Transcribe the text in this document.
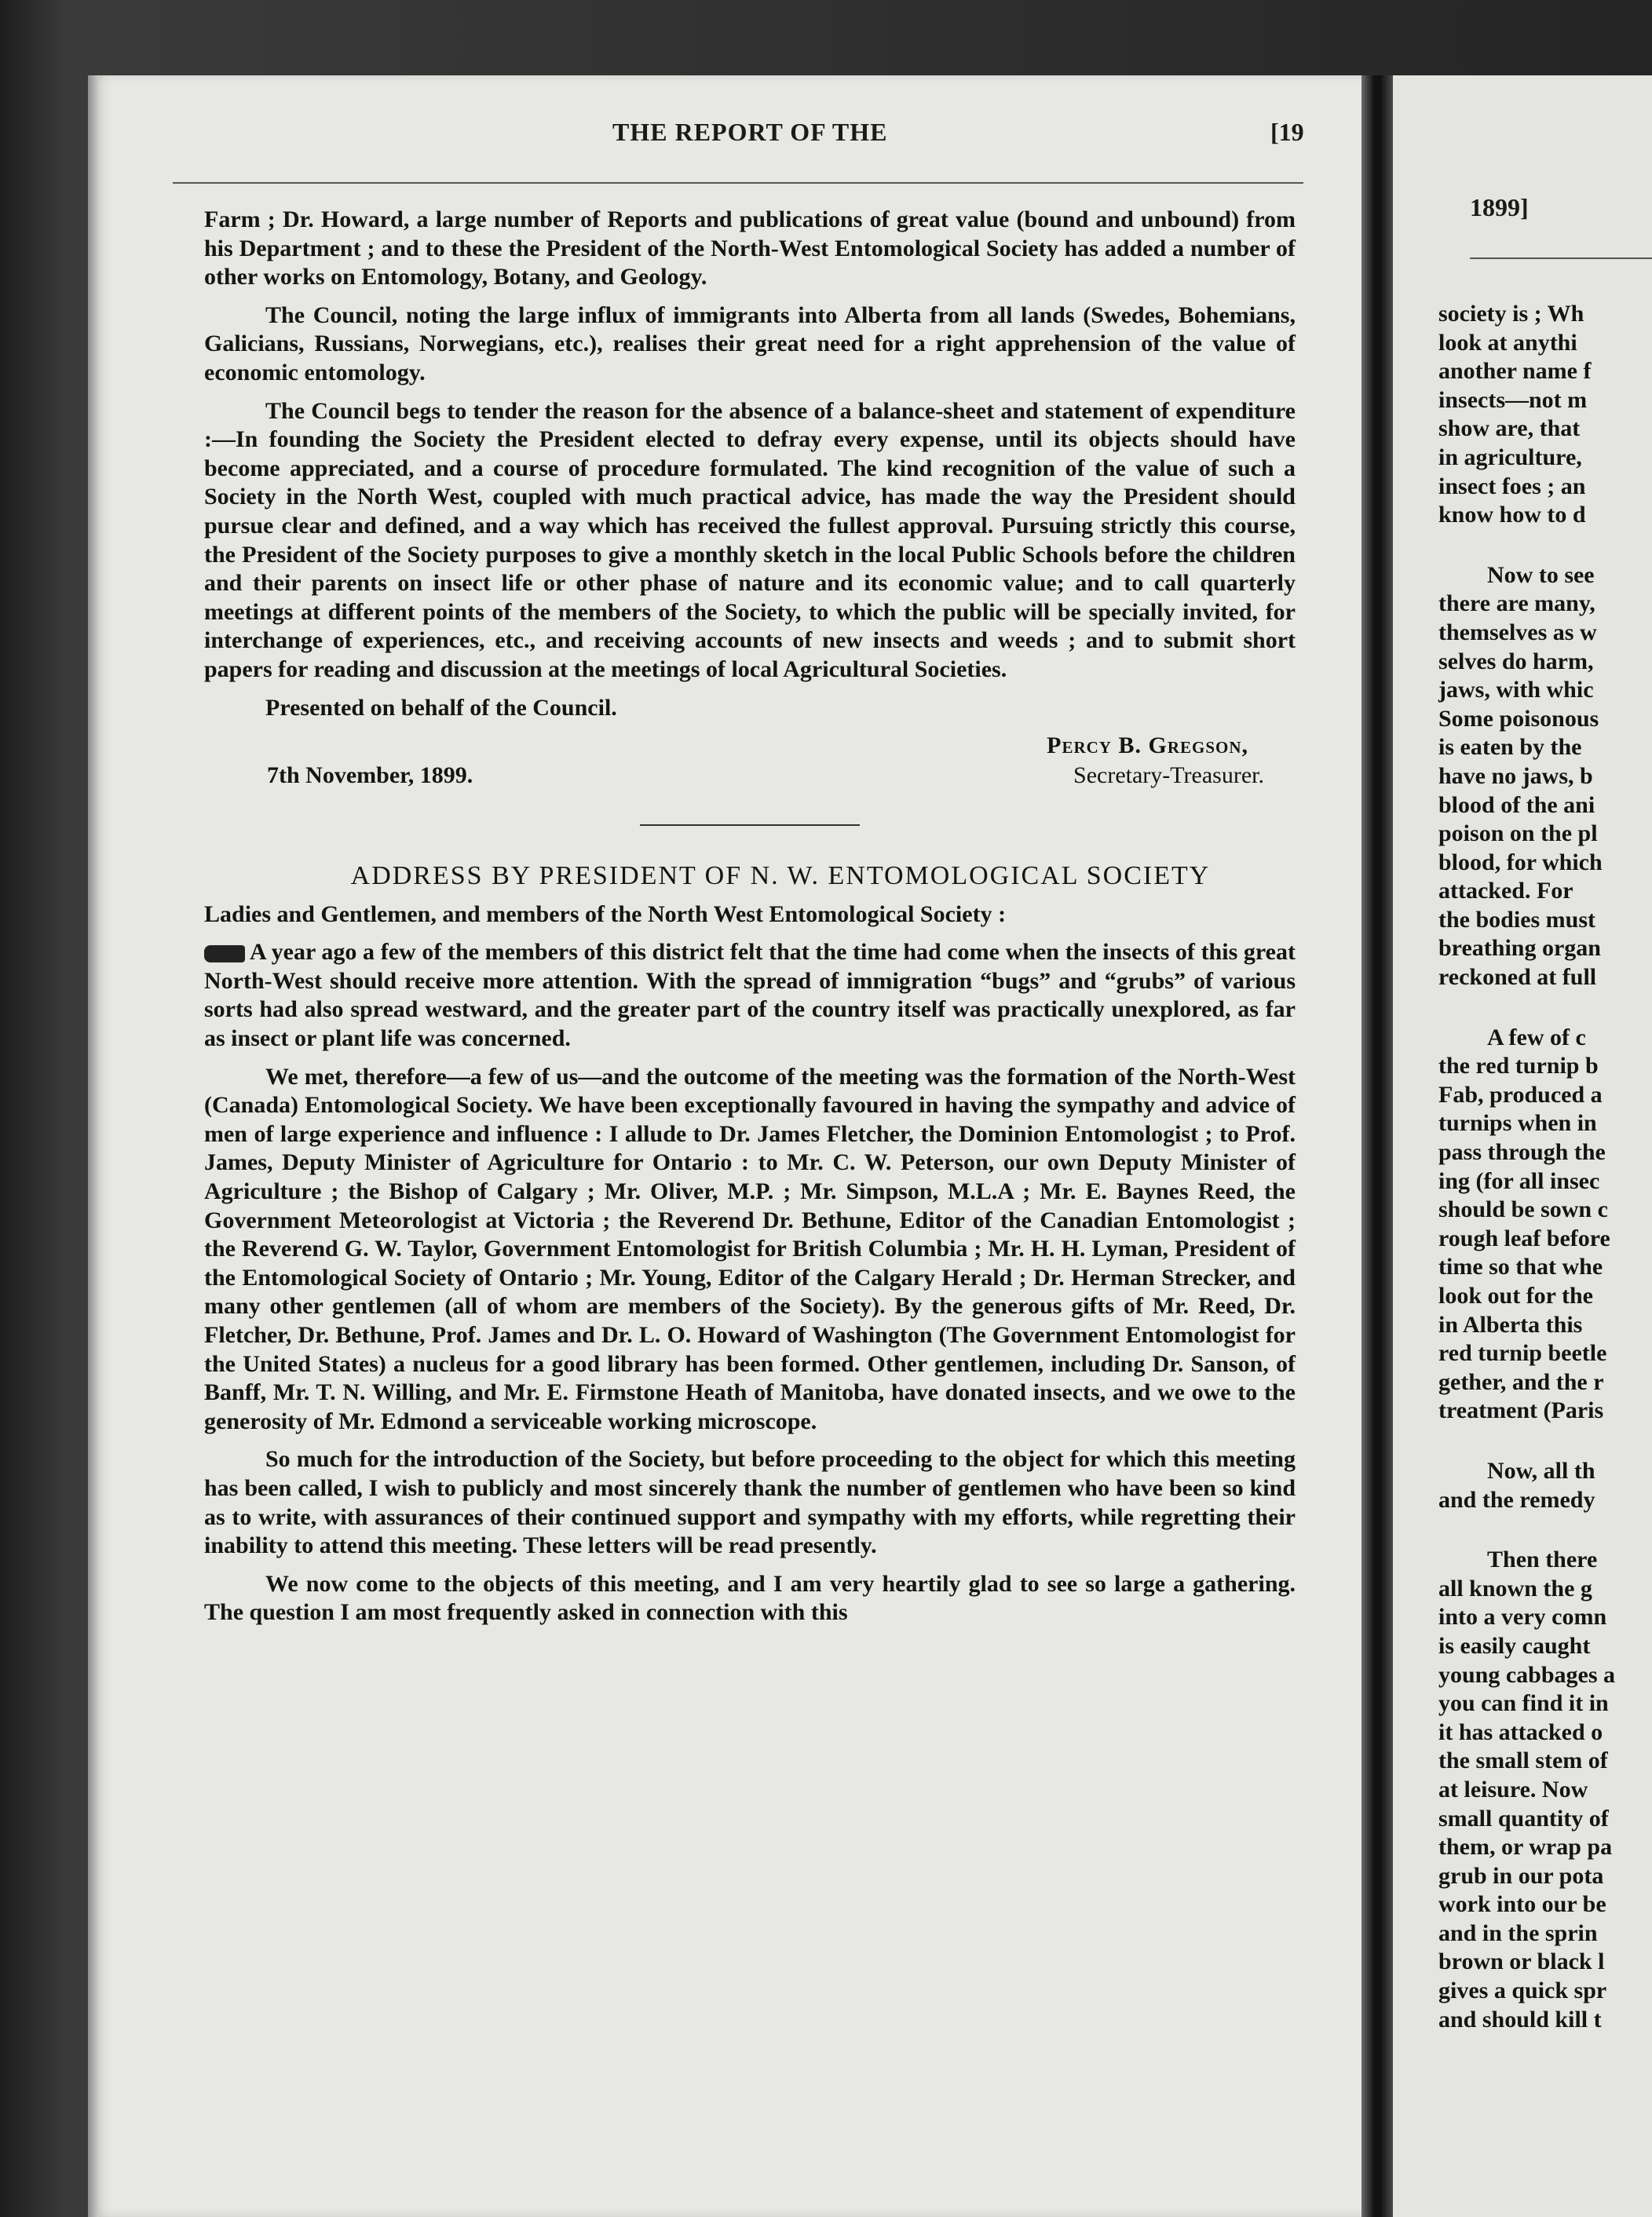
THE REPORT OF THE	[19

Farm ; Dr. Howard, a large number of Reports and publications of great value (bound and unbound) from his Department ; and to these the President of the North-West Entomological Society has added a number of other works on Entomology, Botany, and Geology.

The Council, noting the large influx of immigrants into Alberta from all lands (Swedes, Bohemians, Galicians, Russians, Norwegians, etc.), realises their great need for a right apprehension of the value of economic entomology.

The Council begs to tender the reason for the absence of a balance-sheet and statement of expenditure :—In founding the Society the President elected to defray every expense, until its objects should have become appreciated, and a course of procedure formulated. The kind recognition of the value of such a Society in the North West, coupled with much practical advice, has made the way the President should pursue clear and defined, and a way which has received the fullest approval. Pursuing strictly this course, the President of the Society purposes to give a monthly sketch in the local Public Schools before the children and their parents on insect life or other phase of nature and its economic value; and to call quarterly meetings at different points of the members of the Society, to which the public will be specially invited, for interchange of experiences, etc., and receiving accounts of new insects and weeds ; and to submit short papers for reading and discussion at the meetings of local Agricultural Societies.

Presented on behalf of the Council.

Percy B. Gregson,
7th November, 1899.	Secretary-Treasurer.

ADDRESS BY PRESIDENT OF N. W. ENTOMOLOGICAL SOCIETY

Ladies and Gentlemen, and members of the North West Entomological Society :

A year ago a few of the members of this district felt that the time had come when the insects of this great North-West should receive more attention. With the spread of immigration “bugs” and “grubs” of various sorts had also spread westward, and the greater part of the country itself was practically unexplored, as far as insect or plant life was concerned.

We met, therefore—a few of us—and the outcome of the meeting was the formation of the North-West (Canada) Entomological Society. We have been exceptionally favoured in having the sympathy and advice of men of large experience and influence : I allude to Dr. James Fletcher, the Dominion Entomologist ; to Prof. James, Deputy Minister of Agriculture for Ontario : to Mr. C. W. Peterson, our own Deputy Minister of Agriculture ; the Bishop of Calgary ; Mr. Oliver, M.P. ; Mr. Simpson, M.L.A ; Mr. E. Baynes Reed, the Government Meteorologist at Victoria ; the Reverend Dr. Bethune, Editor of the Canadian Entomologist ; the Reverend G. W. Taylor, Government Entomologist for British Columbia ; Mr. H. H. Lyman, President of the Entomological Society of Ontario ; Mr. Young, Editor of the Calgary Herald ; Dr. Herman Strecker, and many other gentlemen (all of whom are members of the Society). By the generous gifts of Mr. Reed, Dr. Fletcher, Dr. Bethune, Prof. James and Dr. L. O. Howard of Washington (The Government Entomologist for the United States) a nucleus for a good library has been formed. Other gentlemen, including Dr. Sanson, of Banff, Mr. T. N. Willing, and Mr. E. Firmstone Heath of Manitoba, have donated insects, and we owe to the generosity of Mr. Edmond a serviceable working microscope.

So much for the introduction of the Society, but before proceeding to the object for which this meeting has been called, I wish to publicly and most sincerely thank the number of gentlemen who have been so kind as to write, with assurances of their continued support and sympathy with my efforts, while regretting their inability to attend this meeting. These letters will be read presently.

We now come to the objects of this meeting, and I am very heartily glad to see so large a gathering. The question I am most frequently asked in connection with this

1899]
society is ; Wh
look at anythi
another name f
insects—not m
show are, that
in agriculture,
insect foes ; an
know how to d
Now to see
there are many,
themselves as w
selves do harm,
jaws, with whic
Some poisonous
is eaten by the
have no jaws, b
blood of the ani
poison on the pl
blood, for which
attacked. For
the bodies must
breathing organ
reckoned at full
A few of c
the red turnip b
Fab, produced a
turnips when in
pass through the
ing (for all insec
should be sown c
rough leaf before
time so that whe
look out for the
in Alberta this
red turnip beetle
gether, and the r
treatment (Paris
Now, all th
and the remedy
Then there
all known the g
into a very comn
is easily caught
young cabbages a
you can find it in
it has attacked o
the small stem of
at leisure. Now
small quantity of
them, or wrap pa
grub in our pota
work into our be
and in the sprin
brown or black l
gives a quick spr
and should kill t
